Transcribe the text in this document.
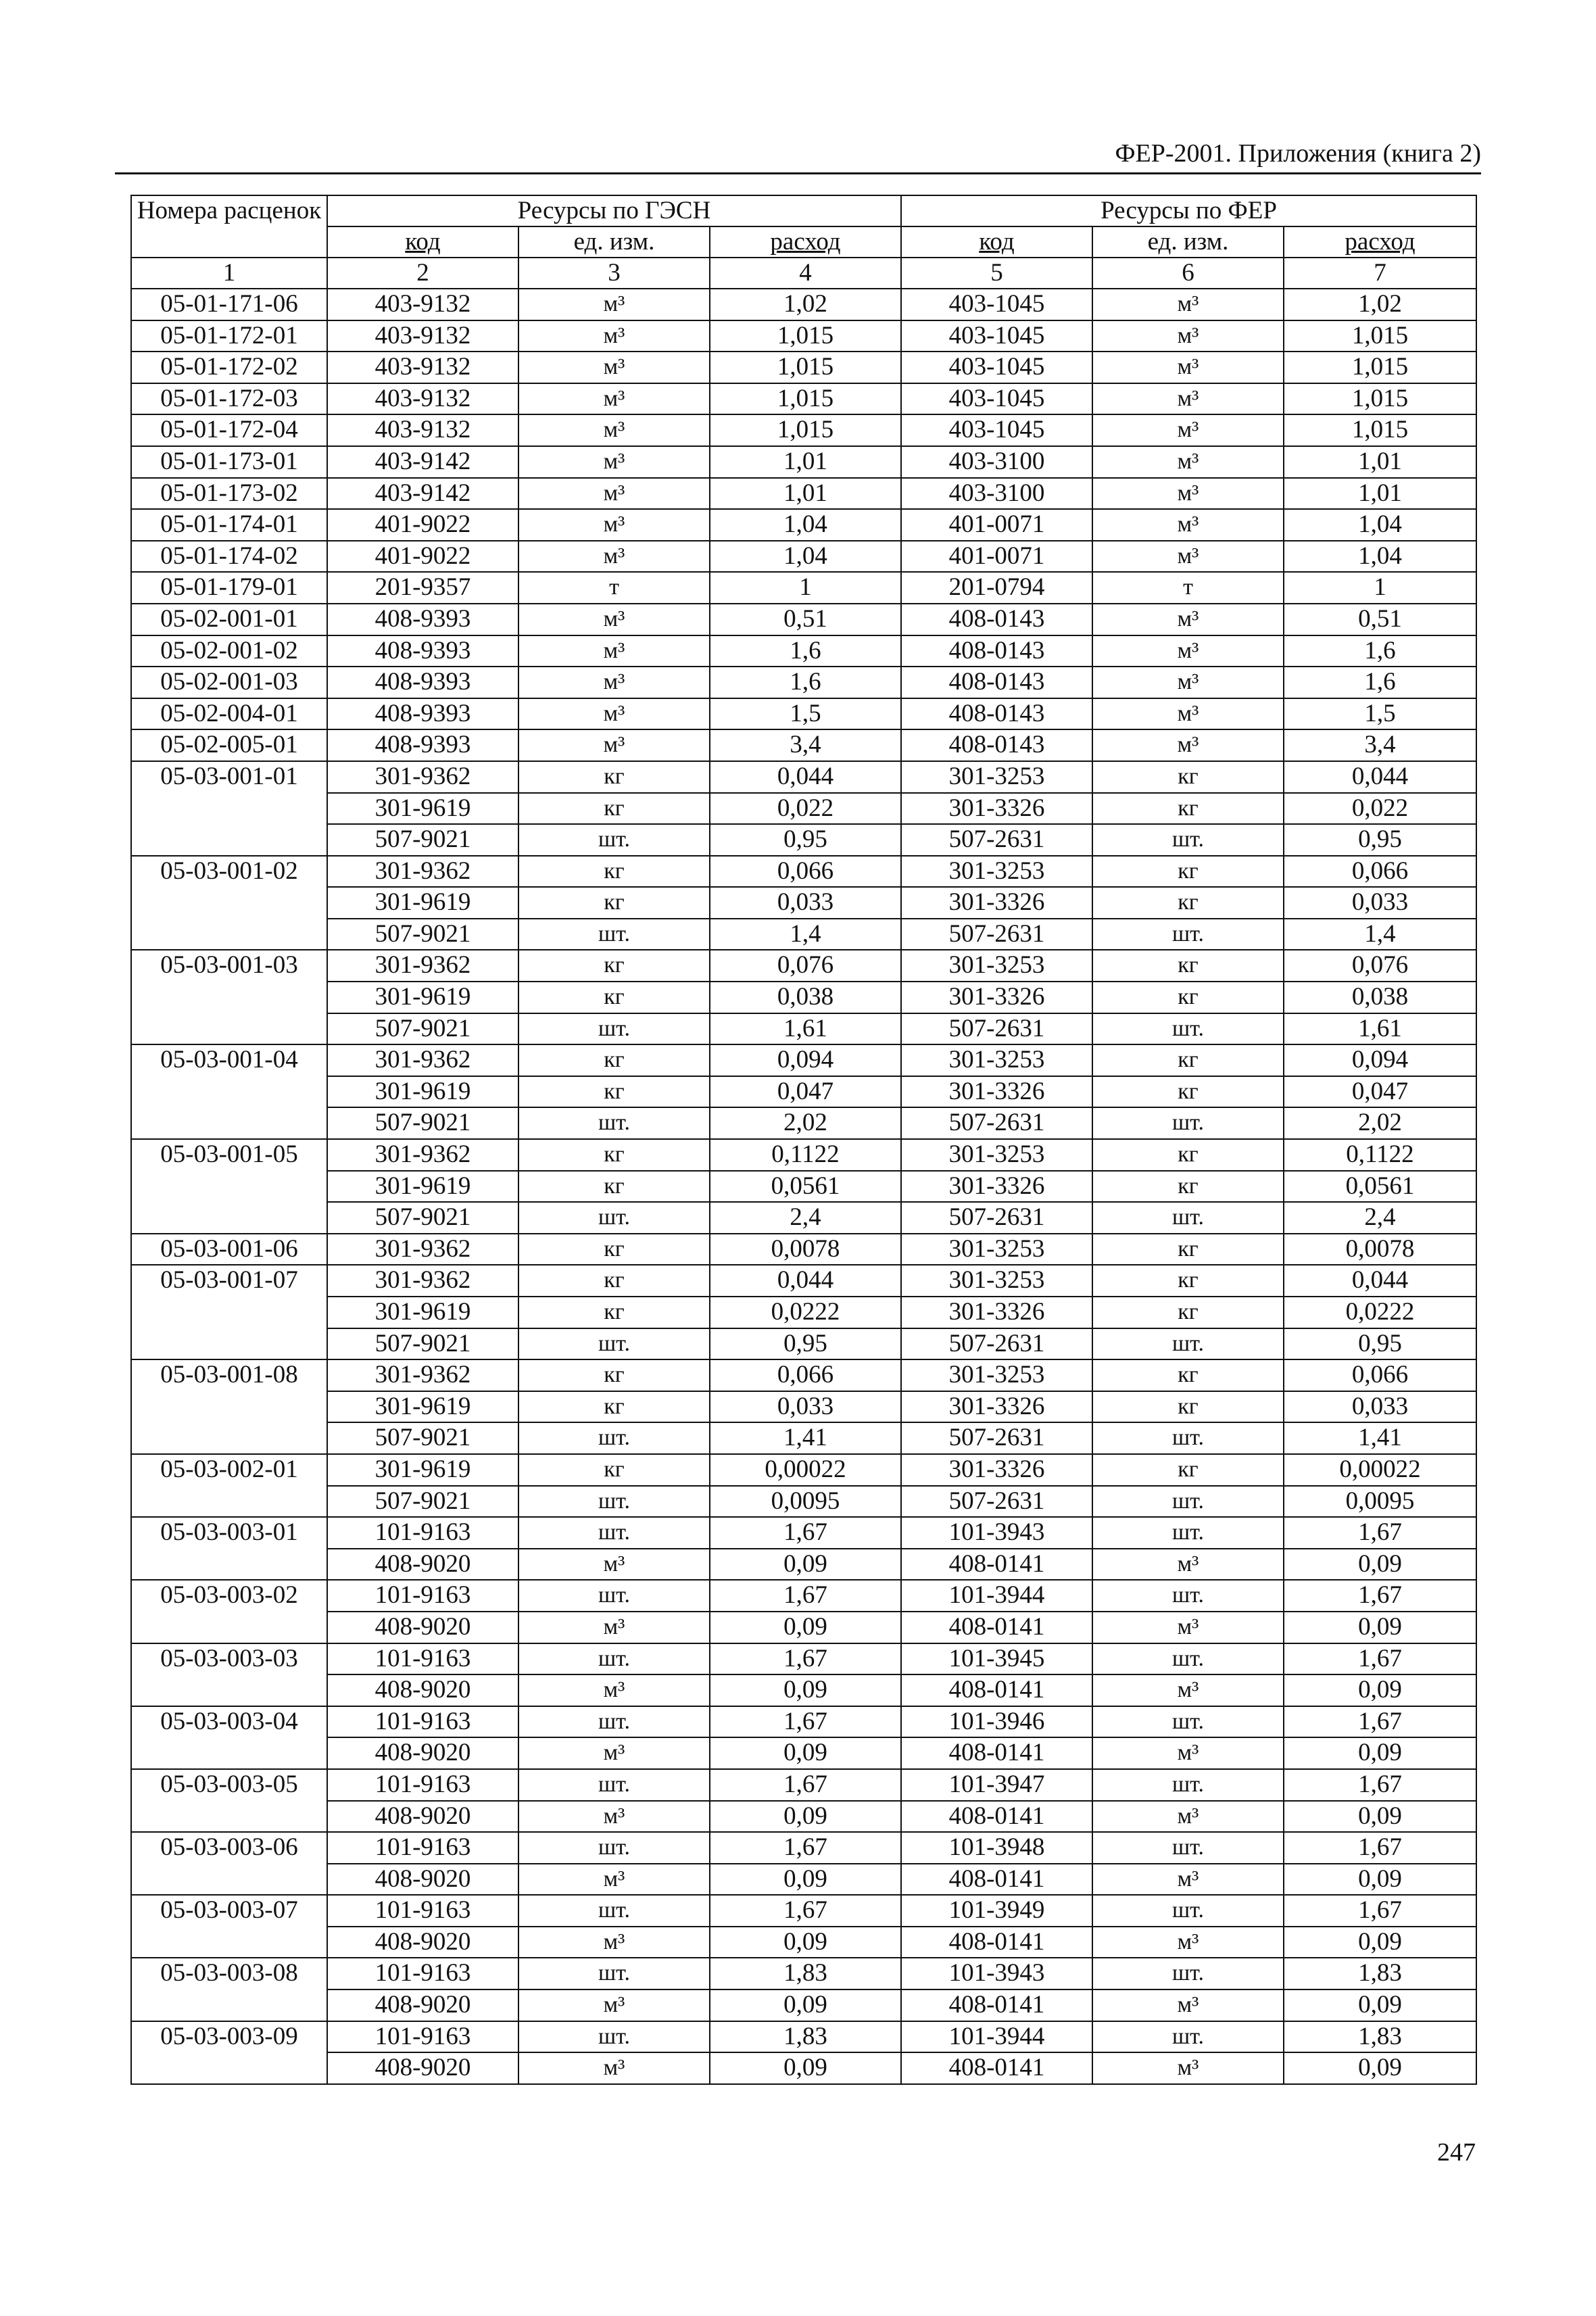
ФЕР-2001. Приложения (книга 2)
Номера расценок	Ресурсы по ГЭСН			Ресурсы по ФЕР		
	код	ед. изм.	расход	код	ед. изм.	расход
1	2	3	4	5	6	7
05-01-171-06	403-9132	м³	1,02	403-1045	м³	1,02
05-01-172-01	403-9132	м³	1,015	403-1045	м³	1,015
05-01-172-02	403-9132	м³	1,015	403-1045	м³	1,015
05-01-172-03	403-9132	м³	1,015	403-1045	м³	1,015
05-01-172-04	403-9132	м³	1,015	403-1045	м³	1,015
05-01-173-01	403-9142	м³	1,01	403-3100	м³	1,01
05-01-173-02	403-9142	м³	1,01	403-3100	м³	1,01
05-01-174-01	401-9022	м³	1,04	401-0071	м³	1,04
05-01-174-02	401-9022	м³	1,04	401-0071	м³	1,04
05-01-179-01	201-9357	т	1	201-0794	т	1
05-02-001-01	408-9393	м³	0,51	408-0143	м³	0,51
05-02-001-02	408-9393	м³	1,6	408-0143	м³	1,6
05-02-001-03	408-9393	м³	1,6	408-0143	м³	1,6
05-02-004-01	408-9393	м³	1,5	408-0143	м³	1,5
05-02-005-01	408-9393	м³	3,4	408-0143	м³	3,4
05-03-001-01	301-9362	кг	0,044	301-3253	кг	0,044
	301-9619	кг	0,022	301-3326	кг	0,022
	507-9021	шт.	0,95	507-2631	шт.	0,95
05-03-001-02	301-9362	кг	0,066	301-3253	кг	0,066
	301-9619	кг	0,033	301-3326	кг	0,033
	507-9021	шт.	1,4	507-2631	шт.	1,4
05-03-001-03	301-9362	кг	0,076	301-3253	кг	0,076
	301-9619	кг	0,038	301-3326	кг	0,038
	507-9021	шт.	1,61	507-2631	шт.	1,61
05-03-001-04	301-9362	кг	0,094	301-3253	кг	0,094
	301-9619	кг	0,047	301-3326	кг	0,047
	507-9021	шт.	2,02	507-2631	шт.	2,02
05-03-001-05	301-9362	кг	0,1122	301-3253	кг	0,1122
	301-9619	кг	0,0561	301-3326	кг	0,0561
	507-9021	шт.	2,4	507-2631	шт.	2,4
05-03-001-06	301-9362	кг	0,0078	301-3253	кг	0,0078
05-03-001-07	301-9362	кг	0,044	301-3253	кг	0,044
	301-9619	кг	0,0222	301-3326	кг	0,0222
	507-9021	шт.	0,95	507-2631	шт.	0,95
05-03-001-08	301-9362	кг	0,066	301-3253	кг	0,066
	301-9619	кг	0,033	301-3326	кг	0,033
	507-9021	шт.	1,41	507-2631	шт.	1,41
05-03-002-01	301-9619	кг	0,00022	301-3326	кг	0,00022
	507-9021	шт.	0,0095	507-2631	шт.	0,0095
05-03-003-01	101-9163	шт.	1,67	101-3943	шт.	1,67
	408-9020	м³	0,09	408-0141	м³	0,09
05-03-003-02	101-9163	шт.	1,67	101-3944	шт.	1,67
	408-9020	м³	0,09	408-0141	м³	0,09
05-03-003-03	101-9163	шт.	1,67	101-3945	шт.	1,67
	408-9020	м³	0,09	408-0141	м³	0,09
05-03-003-04	101-9163	шт.	1,67	101-3946	шт.	1,67
	408-9020	м³	0,09	408-0141	м³	0,09
05-03-003-05	101-9163	шт.	1,67	101-3947	шт.	1,67
	408-9020	м³	0,09	408-0141	м³	0,09
05-03-003-06	101-9163	шт.	1,67	101-3948	шт.	1,67
	408-9020	м³	0,09	408-0141	м³	0,09
05-03-003-07	101-9163	шт.	1,67	101-3949	шт.	1,67
	408-9020	м³	0,09	408-0141	м³	0,09
05-03-003-08	101-9163	шт.	1,83	101-3943	шт.	1,83
	408-9020	м³	0,09	408-0141	м³	0,09
05-03-003-09	101-9163	шт.	1,83	101-3944	шт.	1,83
	408-9020	м³	0,09	408-0141	м³	0,09
247
